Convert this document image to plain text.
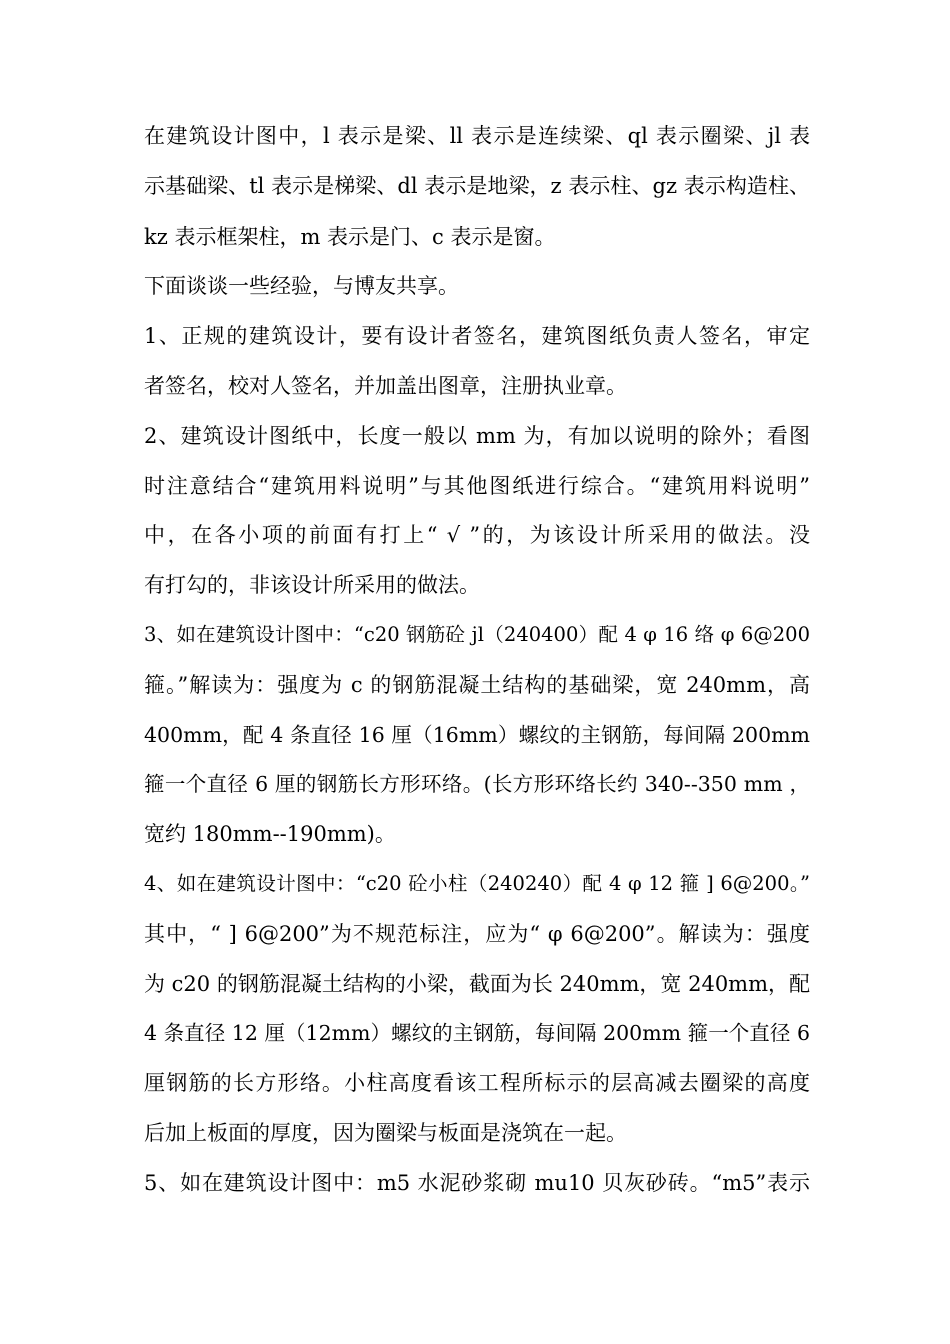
在建筑设计图中，l 表示是梁、ll 表示是连续梁、ql 表示圈梁、jl 表
示基础梁、tl 表示是梯梁、dl 表示是地梁，z 表示柱、gz 表示构造柱、
kz 表示框架柱，m 表示是门、c 表示是窗。
下面谈谈一些经验，与博友共享。
1、正规的建筑设计，要有设计者签名，建筑图纸负责人签名，审定
者签名，校对人签名，并加盖出图章，注册执业章。
2、建筑设计图纸中，长度一般以 mm 为，有加以说明的除外；看图
时注意结合“建筑用料说明”与其他图纸进行综合。“建筑用料说明”
中，在各小项的前面有打上“ √ ”的，为该设计所采用的做法。没
有打勾的，非该设计所采用的做法。
3、如在建筑设计图中：“c20 钢筋砼 jl（240400）配 4 φ 16 络 φ 6@200
箍。”解读为：强度为 c 的钢筋混凝土结构的基础梁，宽 240mm，高
400mm，配 4 条直径 16 厘（16mm）螺纹的主钢筋，每间隔 200mm
箍一个直径 6 厘的钢筋长方形环络。(长方形环络长约 340--350 mm ，
宽约 180mm--190mm)。
4、如在建筑设计图中：“c20 砼小柱（240240）配 4 φ 12 箍 ] 6@200。”
其中，“ ] 6@200”为不规范标注，应为“ φ 6@200”。解读为：强度
为 c20 的钢筋混凝土结构的小梁，截面为长 240mm，宽 240mm，配
4 条直径 12 厘（12mm）螺纹的主钢筋，每间隔 200mm 箍一个直径 6
厘钢筋的长方形络。小柱高度看该工程所标示的层高减去圈梁的高度
后加上板面的厚度，因为圈梁与板面是浇筑在一起。
5、如在建筑设计图中：m5 水泥砂浆砌 mu10 贝灰砂砖。“m5”表示
